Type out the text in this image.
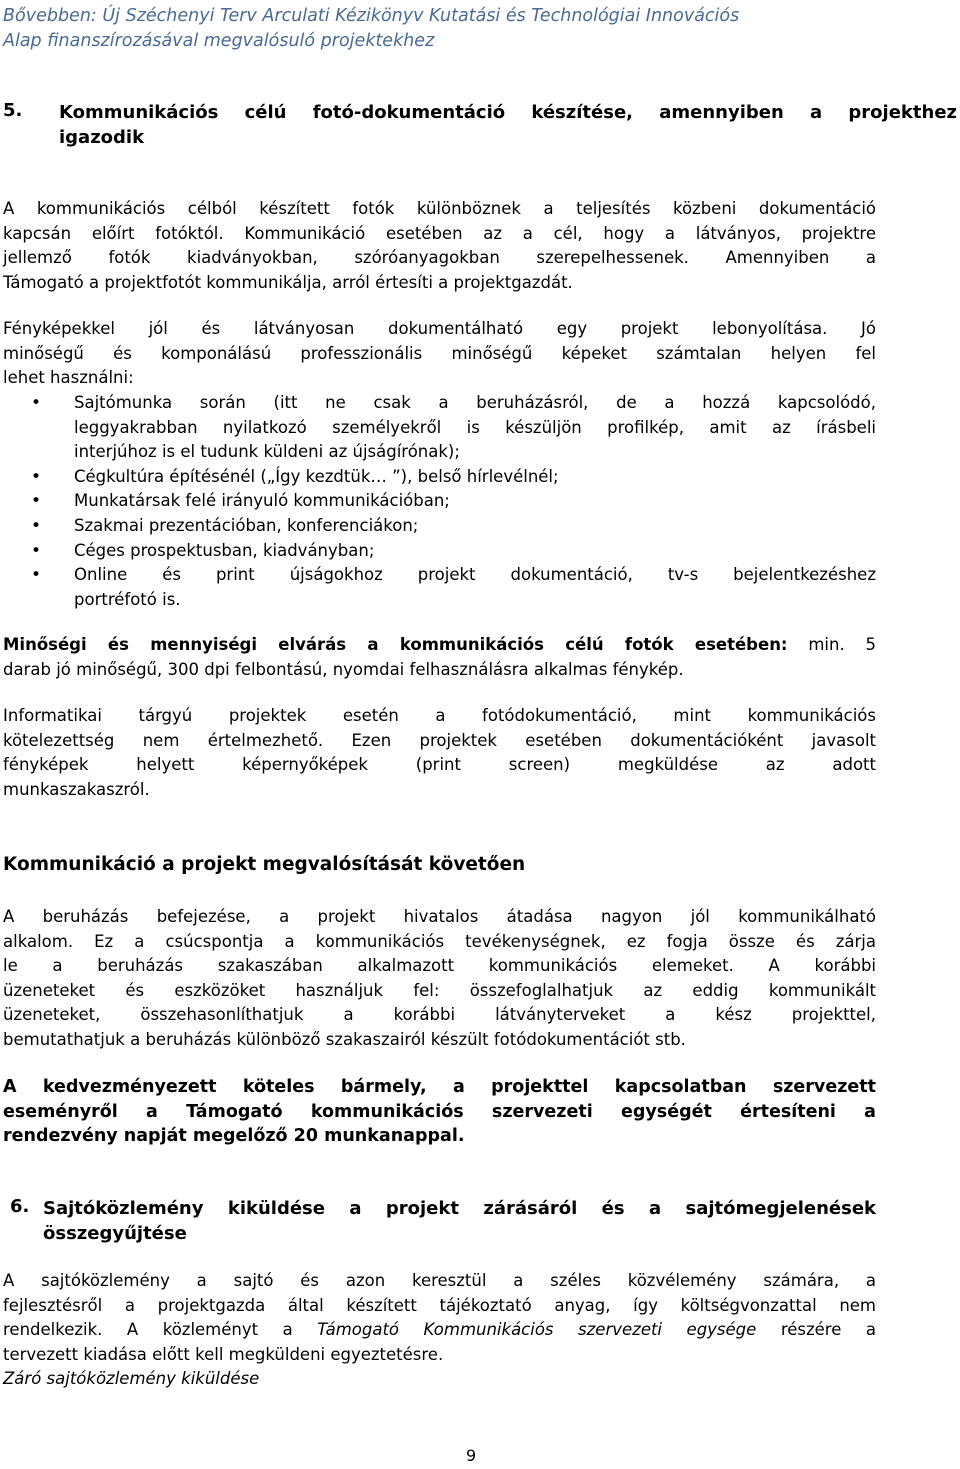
Bővebben: Új Széchenyi Terv Arculati Kézikönyv Kutatási és Technológiai Innovációs
Alap finanszírozásával megvalósuló projektekhez
5. Kommunikációs célú fotó-dokumentáció készítése, amennyiben a projekthez
igazodik
A kommunikációs célból készített fotók különböznek a teljesítés közbeni dokumentáció
kapcsán előírt fotóktól. Kommunikáció esetében az a cél, hogy a látványos, projektre
jellemző fotók kiadványokban, szóróanyagokban szerepelhessenek. Amennyiben a
Támogató a projektfotót kommunikálja, arról értesíti a projektgazdát.
Fényképekkel jól és látványosan dokumentálható egy projekt lebonyolítása. Jó
minőségű és komponálású professzionális minőségű képeket számtalan helyen fel
lehet használni:
• Sajtómunka során (itt ne csak a beruházásról, de a hozzá kapcsolódó,
leggyakrabban nyilatkozó személyekről is készüljön profilkép, amit az írásbeli
interjúhoz is el tudunk küldeni az újságírónak);
• Cégkultúra építésénél („Így kezdtük… ”), belső hírlevélnél;
• Munkatársak felé irányuló kommunikációban;
• Szakmai prezentációban, konferenciákon;
• Céges prospektusban, kiadványban;
• Online és print újságokhoz projekt dokumentáció, tv-s bejelentkezéshez
portréfotó is.
Minőségi és mennyiségi elvárás a kommunikációs célú fotók esetében: min. 5
darab jó minőségű, 300 dpi felbontású, nyomdai felhasználásra alkalmas fénykép.
Informatikai tárgyú projektek esetén a fotódokumentáció, mint kommunikációs
kötelezettség nem értelmezhető. Ezen projektek esetében dokumentációként javasolt
fényképek helyett képernyőképek (print screen) megküldése az adott
munkaszakaszról.
Kommunikáció a projekt megvalósítását követően
A beruházás befejezése, a projekt hivatalos átadása nagyon jól kommunikálható
alkalom. Ez a csúcspontja a kommunikációs tevékenységnek, ez fogja össze és zárja
le a beruházás szakaszában alkalmazott kommunikációs elemeket. A korábbi
üzeneteket és eszközöket használjuk fel: összefoglalhatjuk az eddig kommunikált
üzeneteket, összehasonlíthatjuk a korábbi látványterveket a kész projekttel,
bemutathatjuk a beruházás különböző szakaszairól készült fotódokumentációt stb.
A kedvezményezett köteles bármely, a projekttel kapcsolatban szervezett
eseményről a Támogató kommunikációs szervezeti egységét értesíteni a
rendezvény napját megelőző 20 munkanappal.
6. Sajtóközlemény kiküldése a projekt zárásáról és a sajtómegjelenések
összegyűjtése
A sajtóközlemény a sajtó és azon keresztül a széles közvélemény számára, a
fejlesztésről a projektgazda által készített tájékoztató anyag, így költségvonzattal nem
rendelkezik. A közleményt a Támogató Kommunikációs szervezeti egysége részére a
tervezett kiadása előtt kell megküldeni egyeztetésre.
Záró sajtóközlemény kiküldése
9
